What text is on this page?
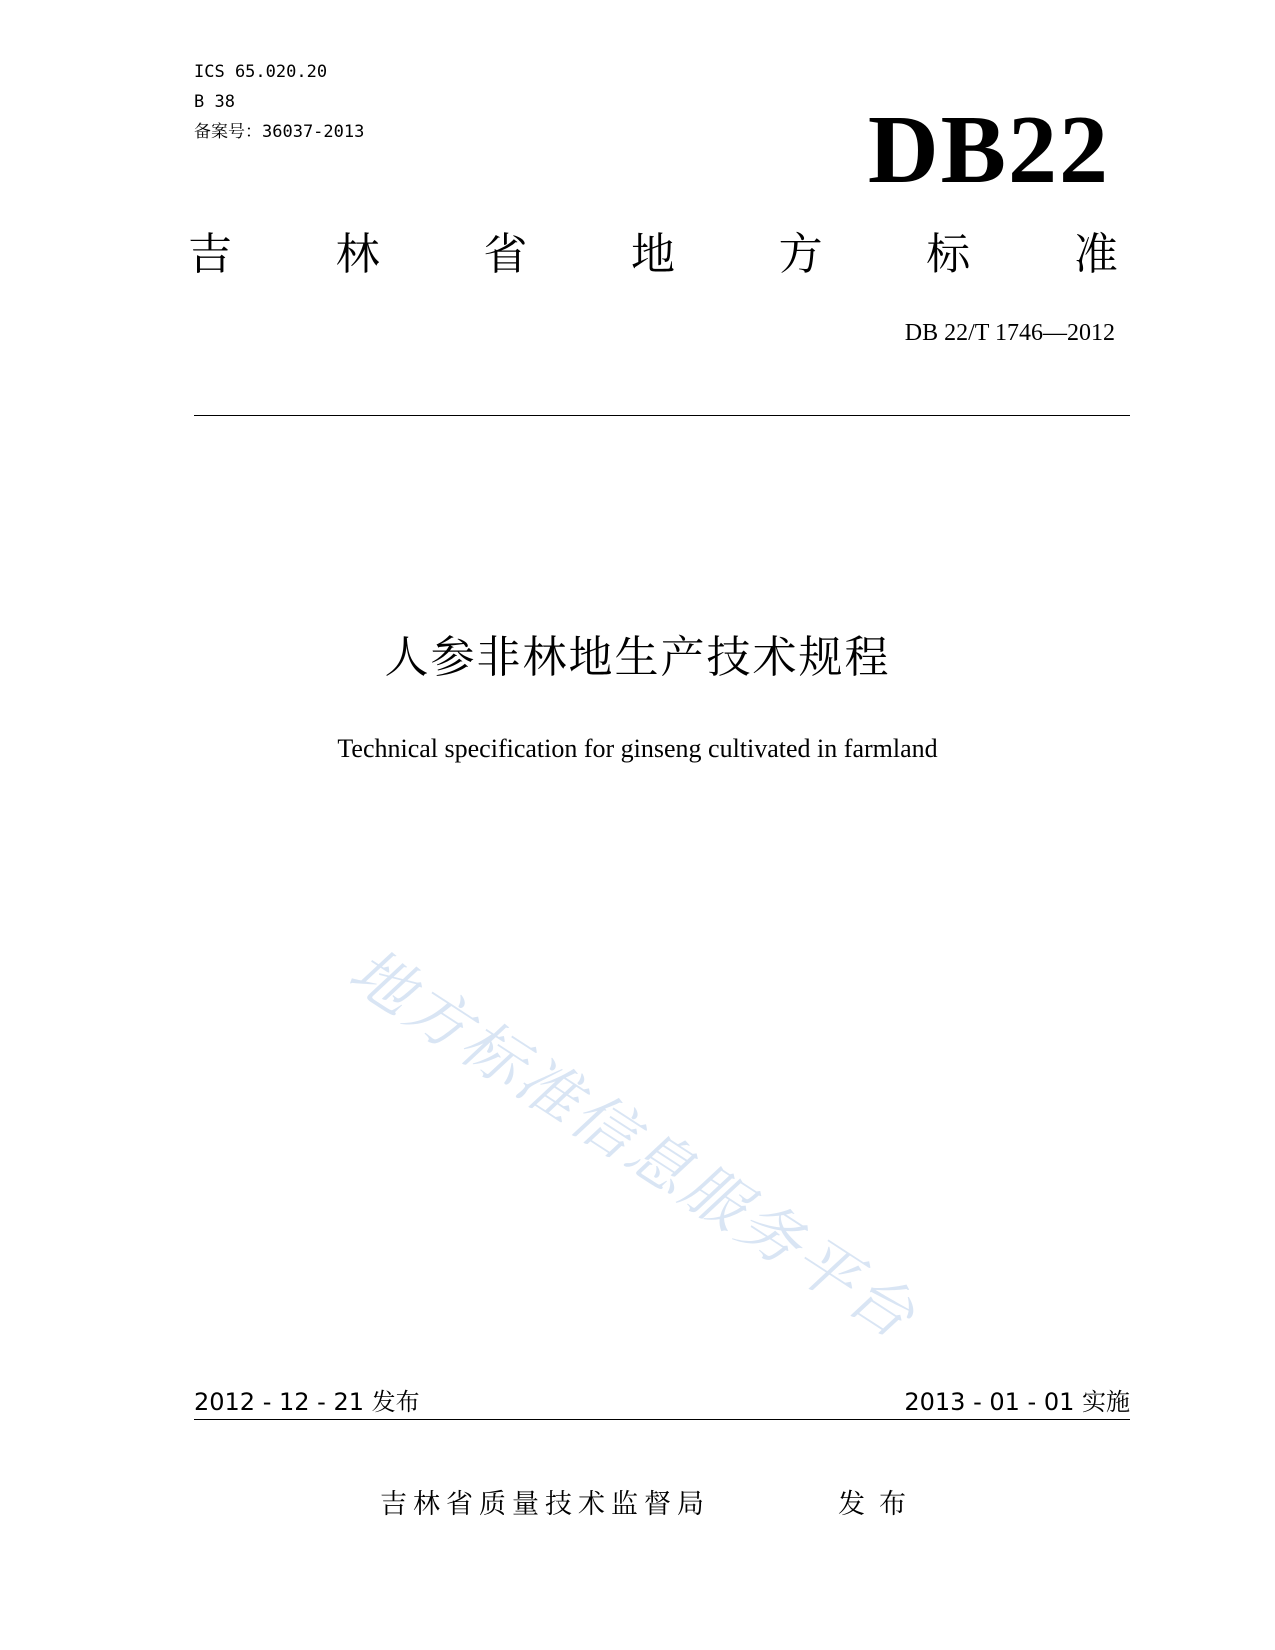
ICS 65.020.20
B 38
备案号：36037-2013	DB22
吉 林 省 地 方 标 准
DB 22/T 1746—2012
人参非林地生产技术规程
Technical specification for ginseng cultivated in farmland
地方标准信息服务平台
2012 - 12 - 21 发布	2013 - 01 - 01 实施
吉林省质量技术监督局	发布
